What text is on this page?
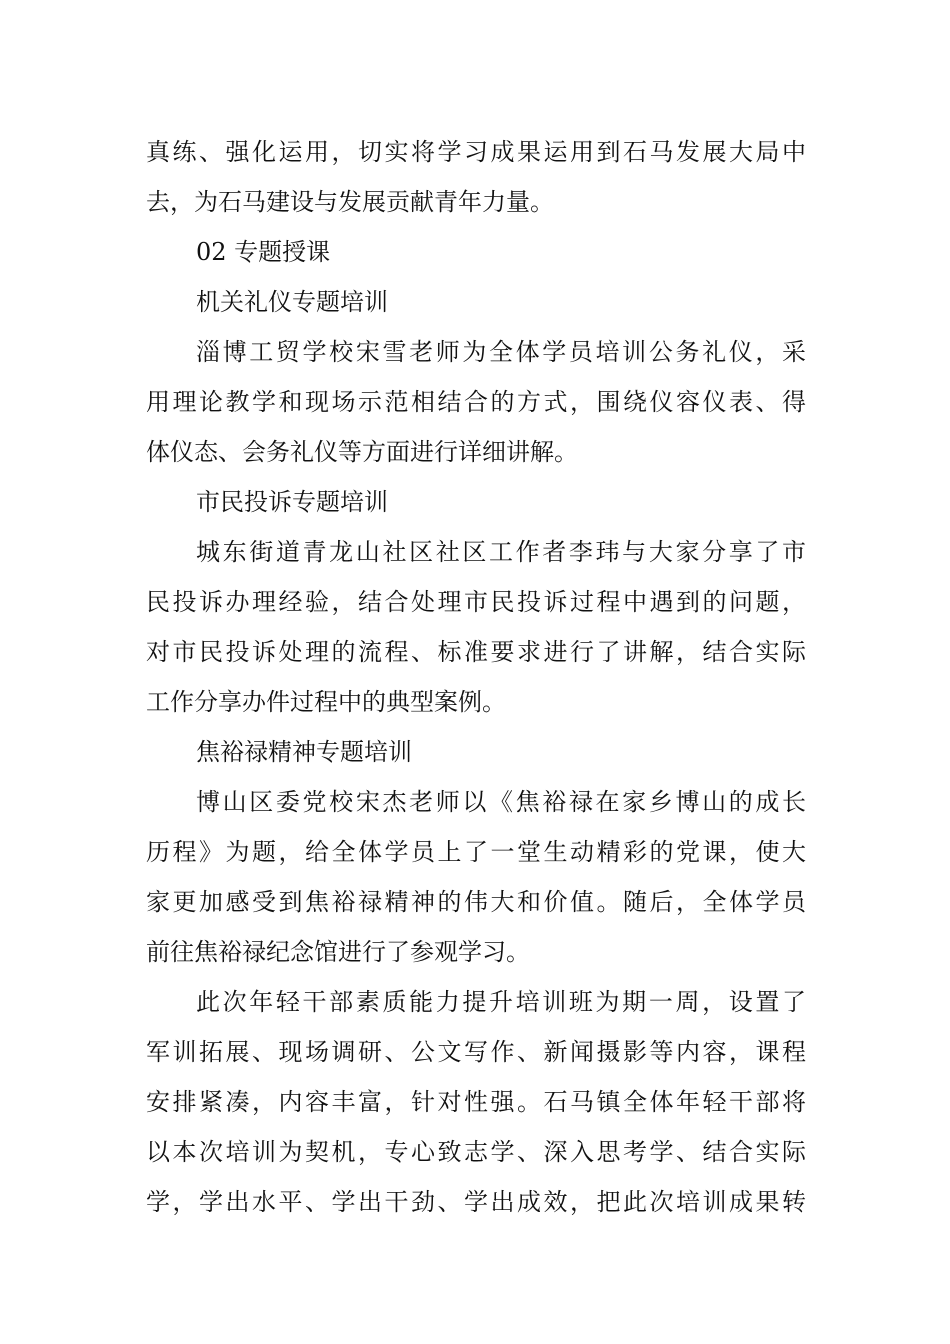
真练、强化运用，切实将学习成果运用到石马发展大局中
去，为石马建设与发展贡献青年力量。
02 专题授课
机关礼仪专题培训
淄博工贸学校宋雪老师为全体学员培训公务礼仪，采
用理论教学和现场示范相结合的方式，围绕仪容仪表、得
体仪态、会务礼仪等方面进行详细讲解。
市民投诉专题培训
城东街道青龙山社区社区工作者李玮与大家分享了市
民投诉办理经验，结合处理市民投诉过程中遇到的问题，
对市民投诉处理的流程、标准要求进行了讲解，结合实际
工作分享办件过程中的典型案例。
焦裕禄精神专题培训
博山区委党校宋杰老师以《焦裕禄在家乡博山的成长
历程》为题，给全体学员上了一堂生动精彩的党课，使大
家更加感受到焦裕禄精神的伟大和价值。随后，全体学员
前往焦裕禄纪念馆进行了参观学习。
此次年轻干部素质能力提升培训班为期一周，设置了
军训拓展、现场调研、公文写作、新闻摄影等内容，课程
安排紧凑，内容丰富，针对性强。石马镇全体年轻干部将
以本次培训为契机，专心致志学、深入思考学、结合实际
学，学出水平、学出干劲、学出成效，把此次培训成果转
